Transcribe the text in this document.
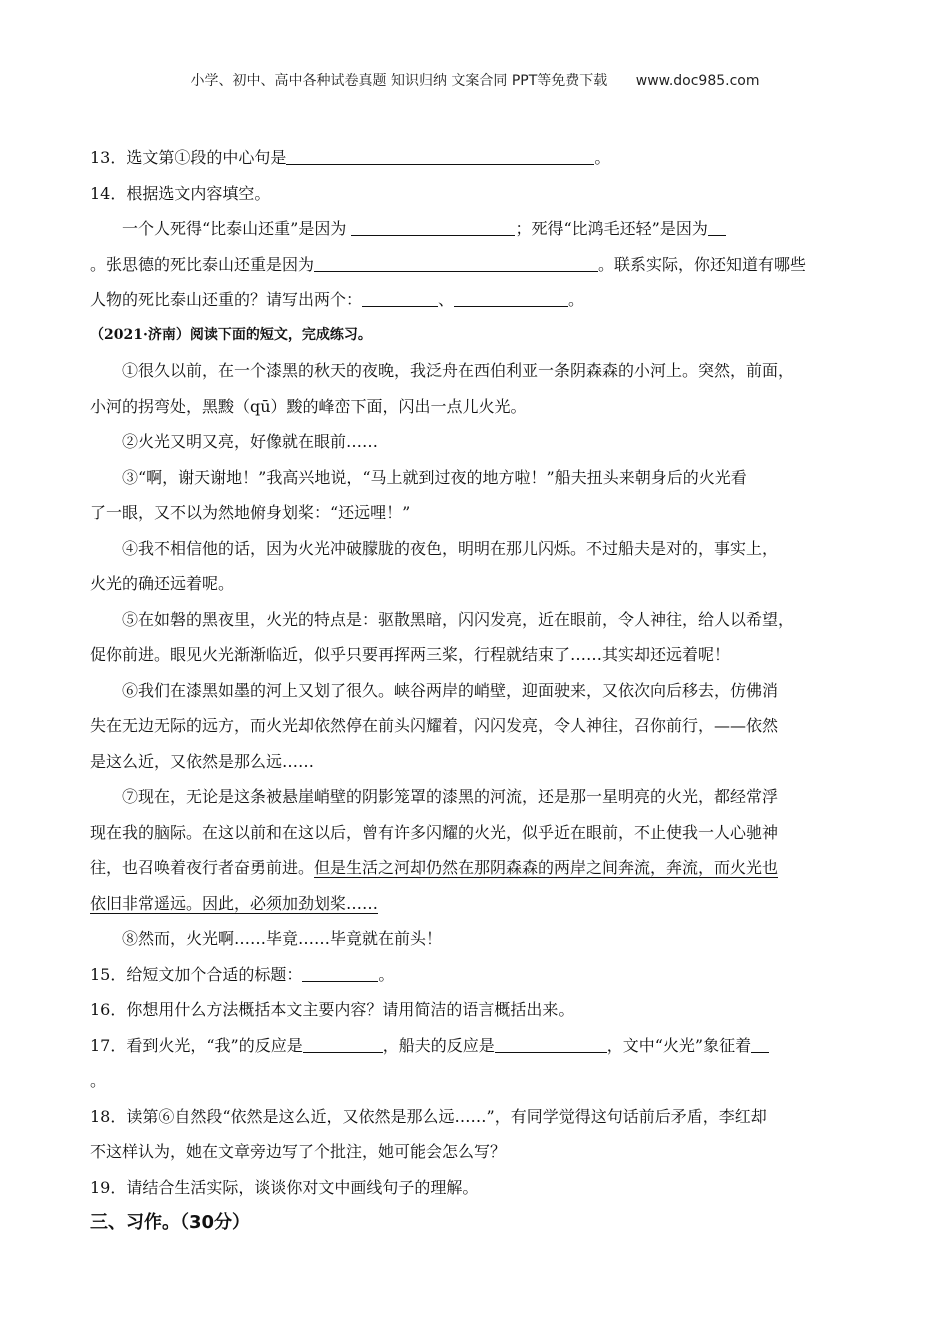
小学、初中、高中各种试卷真题 知识归纳 文案合同 PPT等免费下载 www.doc985.com
13．选文第①段的中心句是	。
14．根据选文内容填空。
一个人死得“比泰山还重”是因为	；死得“比鸿毛还轻”是因为
。张思德的死比泰山还重是因为	。联系实际，你还知道有哪些
人物的死比泰山还重的？请写出两个：	、	。
（2021·济南）阅读下面的短文，完成练习。
①很久以前，在一个漆黑的秋天的夜晚，我泛舟在西伯利亚一条阴森森的小河上。突然，前面，
小河的拐弯处，黑黢（qū）黢的峰峦下面，闪出一点儿火光。
②火光又明又亮，好像就在眼前……
③“啊，谢天谢地！”我高兴地说，“马上就到过夜的地方啦！”船夫扭头来朝身后的火光看
了一眼，又不以为然地俯身划桨：“还远哩！”
④我不相信他的话，因为火光冲破朦胧的夜色，明明在那儿闪烁。不过船夫是对的，事实上，
火光的确还远着呢。
⑤在如磐的黑夜里，火光的特点是：驱散黑暗，闪闪发亮，近在眼前，令人神往，给人以希望，
促你前进。眼见火光渐渐临近，似乎只要再挥两三桨，行程就结束了……其实却还远着呢！
⑥我们在漆黑如墨的河上又划了很久。峡谷两岸的峭壁，迎面驶来，又依次向后移去，仿佛消
失在无边无际的远方，而火光却依然停在前头闪耀着，闪闪发亮，令人神往，召你前行，——依然
是这么近，又依然是那么远……
⑦现在，无论是这条被悬崖峭壁的阴影笼罩的漆黑的河流，还是那一星明亮的火光，都经常浮
现在我的脑际。在这以前和在这以后，曾有许多闪耀的火光，似乎近在眼前，不止使我一人心驰神
往，也召唤着夜行者奋勇前进。但是生活之河却仍然在那阴森森的两岸之间奔流，奔流，而火光也
依旧非常遥远。因此，必须加劲划桨……
⑧然而，火光啊……毕竟……毕竟就在前头！
15．给短文加个合适的标题：	。
16．你想用什么方法概括本文主要内容？请用简洁的语言概括出来。
17．看到火光，“我”的反应是	，船夫的反应是	，文中“火光”象征着
。
18．读第⑥自然段“依然是这么近，又依然是那么远……”，有同学觉得这句话前后矛盾，李红却
不这样认为，她在文章旁边写了个批注，她可能会怎么写？
19．请结合生活实际，谈谈你对文中画线句子的理解。
三、习作。（30分）
